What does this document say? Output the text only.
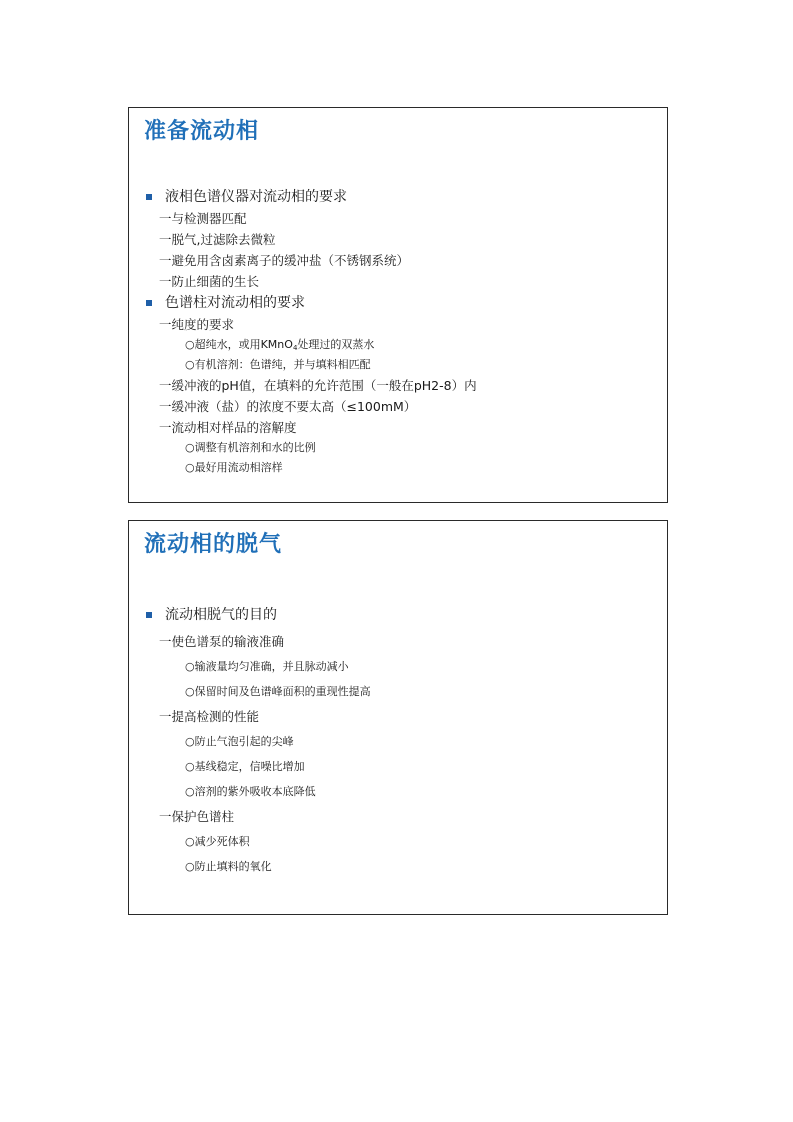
准备流动相
液相色谱仪器对流动相的要求
一与检测器匹配
一脱气,过滤除去微粒
一避免用含卤素离子的缓冲盐（不锈钢系统）
一防止细菌的生长
色谱柱对流动相的要求
一纯度的要求
○超纯水，或用KMnO$_4$处理过的双蒸水
○有机溶剂：色谱纯，并与填料相匹配
一缓冲液的pH值，在填料的允许范围（一般在pH2-8）内
一缓冲液（盐）的浓度不要太高（≤100mM）
一流动相对样品的溶解度
○调整有机溶剂和水的比例
○最好用流动相溶样
流动相的脱气
流动相脱气的目的
一使色谱泵的输液准确
○输液量均匀准确，并且脉动减小
○保留时间及色谱峰面积的重现性提高
一提高检测的性能
○防止气泡引起的尖峰
○基线稳定，信噪比增加
○溶剂的紫外吸收本底降低
一保护色谱柱
○减少死体积
○防止填料的氧化
